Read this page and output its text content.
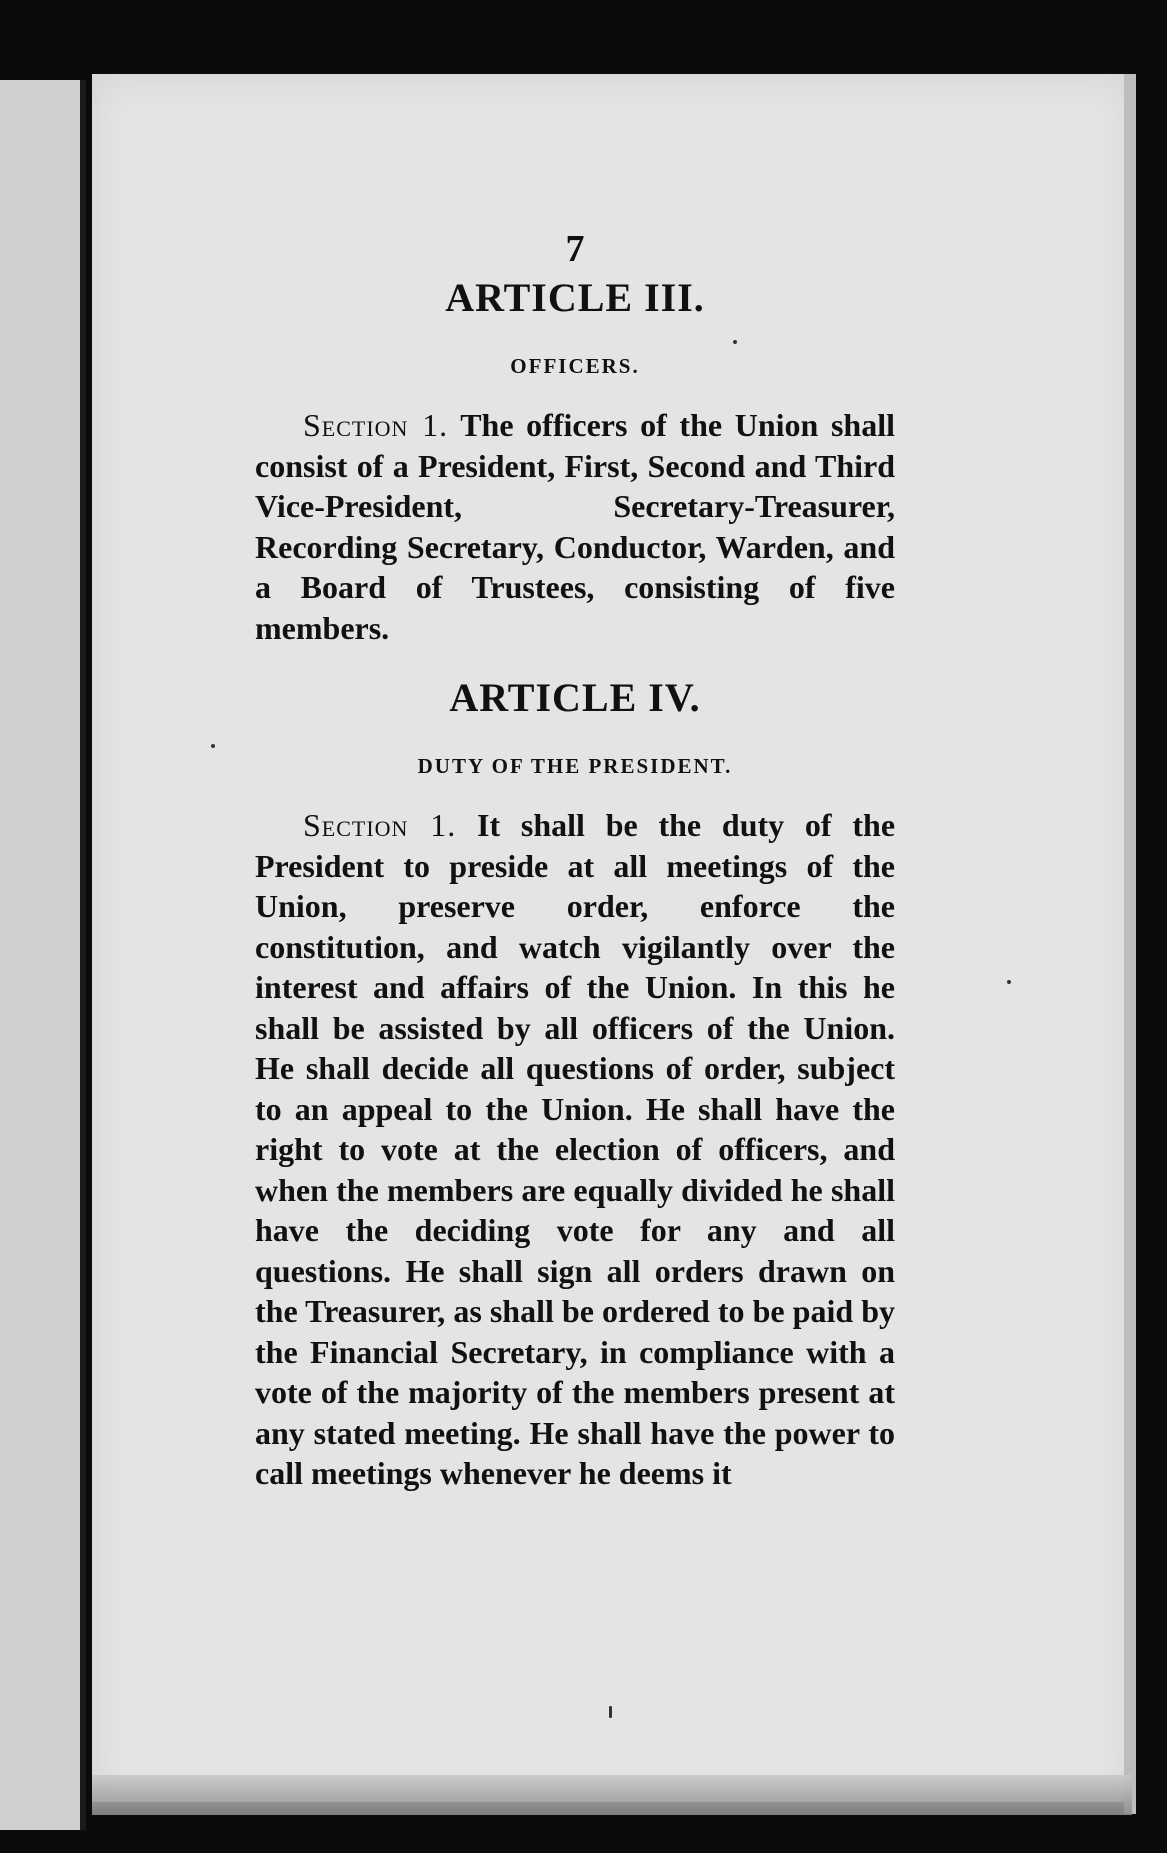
7
ARTICLE III.
OFFICERS.

Section 1. The officers of the Union shall consist of a President, First, Second and Third Vice-President, Secretary-Treasurer, Recording Secretary, Conductor, Warden, and a Board of Trustees, consisting of five members.

ARTICLE IV.
DUTY OF THE PRESIDENT.

Section 1. It shall be the duty of the President to preside at all meetings of the Union, preserve order, enforce the constitution, and watch vigilantly over the interest and affairs of the Union. In this he shall be assisted by all officers of the Union. He shall decide all questions of order, subject to an appeal to the Union. He shall have the right to vote at the election of officers, and when the members are equally divided he shall have the deciding vote for any and all questions. He shall sign all orders drawn on the Treasurer, as shall be ordered to be paid by the Financial Secretary, in compliance with a vote of the majority of the members present at any stated meeting. He shall have the power to call meetings whenever he deems it
